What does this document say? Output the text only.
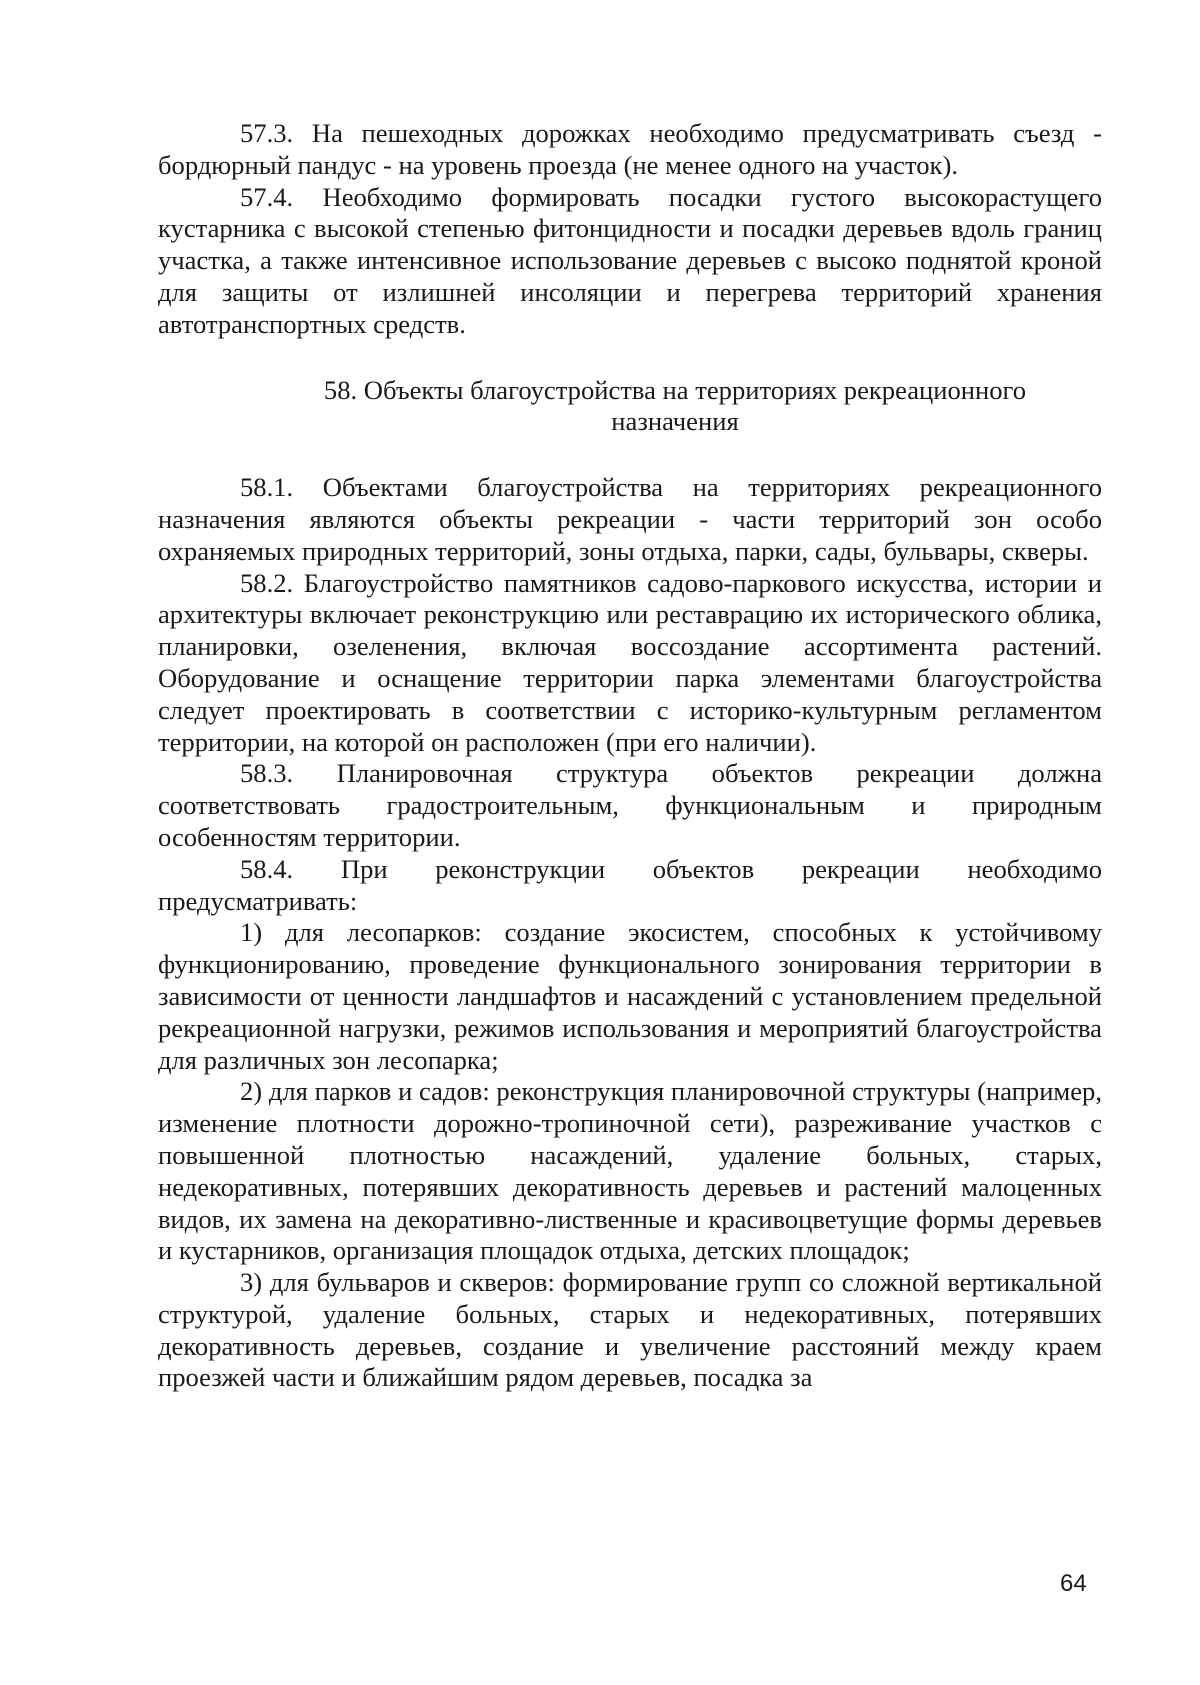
57.3. На пешеходных дорожках необходимо предусматривать съезд - бордюрный пандус - на уровень проезда (не менее одного на участок).

57.4. Необходимо формировать посадки густого высокорастущего кустарника с высокой степенью фитонцидности и посадки деревьев вдоль границ участка, а также интенсивное использование деревьев с высоко поднятой кроной для защиты от излишней инсоляции и перегрева территорий хранения автотранспортных средств.

58. Объекты благоустройства на территориях рекреационного
назначения

58.1. Объектами благоустройства на территориях рекреационного назначения являются объекты рекреации - части территорий зон особо охраняемых природных территорий, зоны отдыха, парки, сады, бульвары, скверы.

58.2. Благоустройство памятников садово-паркового искусства, истории и архитектуры включает реконструкцию или реставрацию их исторического облика, планировки, озеленения, включая воссоздание ассортимента растений. Оборудование и оснащение территории парка элементами благоустройства следует проектировать в соответствии с историко-культурным регламентом территории, на которой он расположен (при его наличии).

58.3. Планировочная структура объектов рекреации должна соответствовать градостроительным, функциональным и природным особенностям территории.

58.4. При реконструкции объектов рекреации необходимо предусматривать:

1) для лесопарков: создание экосистем, способных к устойчивому функционированию, проведение функционального зонирования территории в зависимости от ценности ландшафтов и насаждений с установлением предельной рекреационной нагрузки, режимов использования и мероприятий благоустройства для различных зон лесопарка;

2) для парков и садов: реконструкция планировочной структуры (например, изменение плотности дорожно-тропиночной сети), разреживание участков с повышенной плотностью насаждений, удаление больных, старых, недекоративных, потерявших декоративность деревьев и растений малоценных видов, их замена на декоративно-лиственные и красивоцветущие формы деревьев и кустарников, организация площадок отдыха, детских площадок;

3) для бульваров и скверов: формирование групп со сложной вертикальной структурой, удаление больных, старых и недекоративных, потерявших декоративность деревьев, создание и увеличение расстояний между краем проезжей части и ближайшим рядом деревьев, посадка за

64
